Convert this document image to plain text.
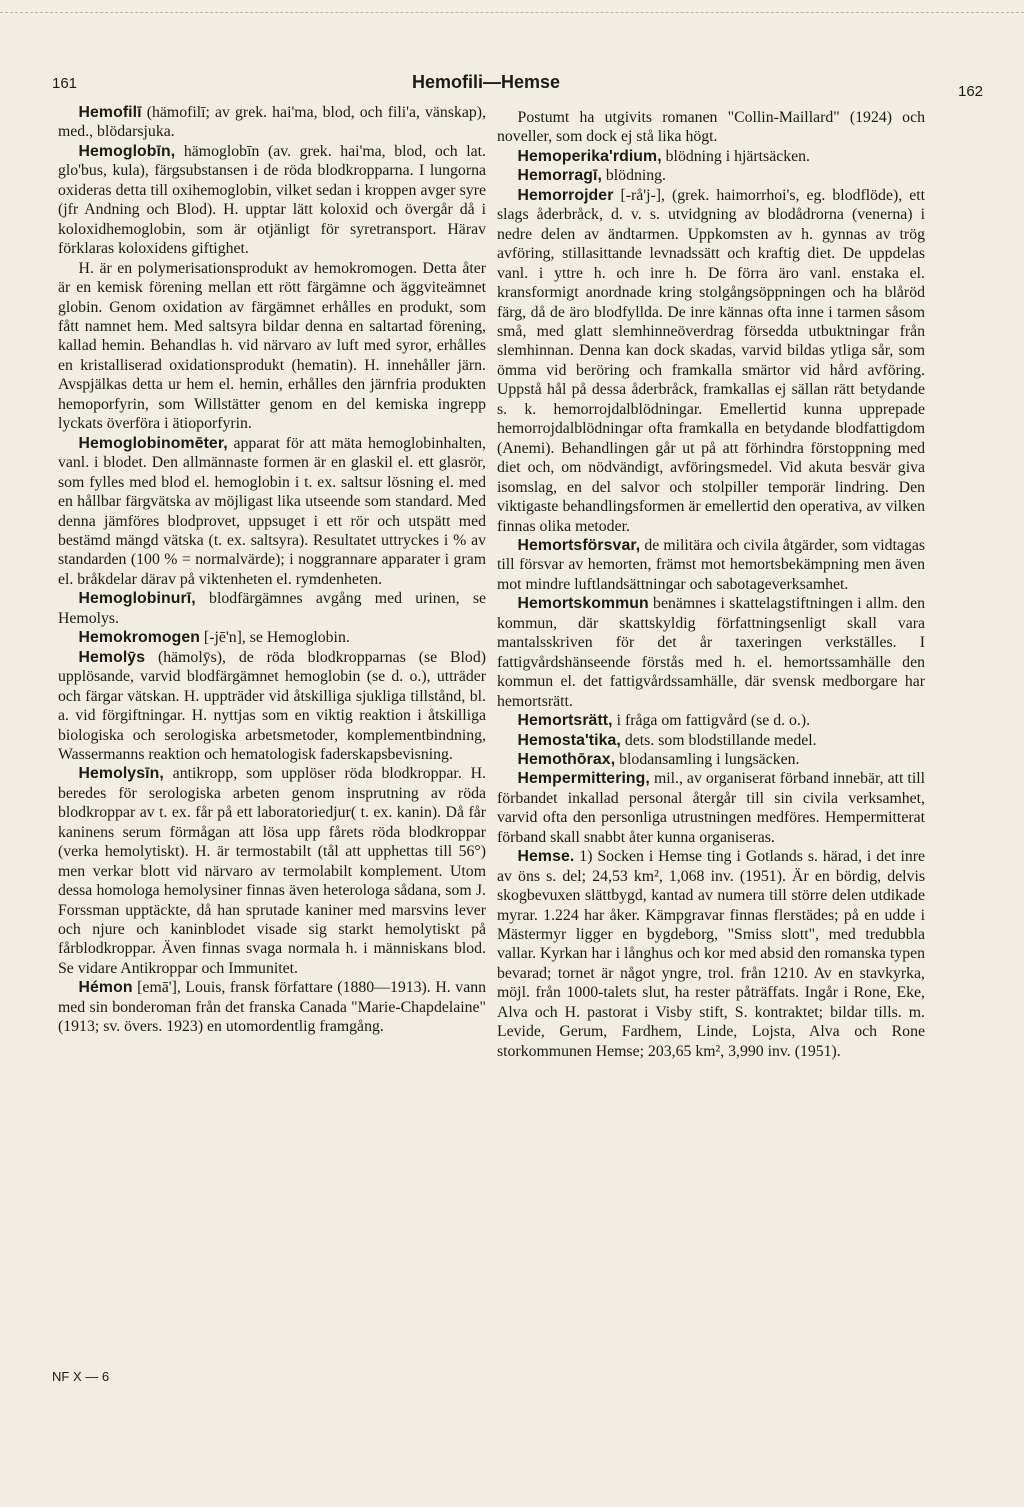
161	Hemofili—Hemse	162

Hemofilī (hämofilī; av grek. hai'ma, blod, och fili'a, vänskap), med., blödarsjuka.

Hemoglobīn, hämoglobīn (av. grek. hai'ma, blod, och lat. glo'bus, kula), färgsubstansen i de röda blodkropparna. I lungorna oxideras detta till oxihemoglobin, vilket sedan i kroppen avger syre (jfr Andning och Blod). H. upptar lätt koloxid och övergår då i koloxidhemoglobin, som är otjänligt för syretransport. Härav förklaras koloxidens giftighet.

H. är en polymerisationsprodukt av hemokromogen. Detta åter är en kemisk förening mellan ett rött färgämne och äggviteämnet globin. Genom oxidation av färgämnet erhålles en produkt, som fått namnet hem. Med saltsyra bildar denna en saltartad förening, kallad hemin. Behandlas h. vid närvaro av luft med syror, erhålles en kristalliserad oxidationsprodukt (hematin). H. innehåller järn. Avspjälkas detta ur hem el. hemin, erhålles den järnfria produkten hemoporfyrin, som Willstätter genom en del kemiska ingrepp lyckats överföra i ätioporfyrin.

Hemoglobinomēter, apparat för att mäta hemoglobinhalten, vanl. i blodet. Den allmännaste formen är en glaskil el. ett glasrör, som fylles med blod el. hemoglobin i t. ex. saltsur lösning el. med en hållbar färgvätska av möjligast lika utseende som standard. Med denna jämföres blodprovet, uppsuget i ett rör och utspätt med bestämd mängd vätska (t. ex. saltsyra). Resultatet uttryckes i % av standarden (100 % = normalvärde); i noggrannare apparater i gram el. bråkdelar därav på viktenheten el. rymdenheten.

Hemoglobinurī, blodfärgämnes avgång med urinen, se Hemolys.

Hemokromogen [-jē'n], se Hemoglobin.

Hemolȳs (hämolȳs), de röda blodkropparnas (se Blod) upplösande, varvid blodfärgämnet hemoglobin (se d. o.), utträder och färgar vätskan. H. uppträder vid åtskilliga sjukliga tillstånd, bl. a. vid förgiftningar. H. nyttjas som en viktig reaktion i åtskilliga biologiska och serologiska arbetsmetoder, komplementbindning, Wassermanns reaktion och hematologisk faderskapsbevisning.

Hemolysīn, antikropp, som upplöser röda blodkroppar. H. beredes för serologiska arbeten genom insprutning av röda blodkroppar av t. ex. får på ett laboratoriedjur( t. ex. kanin). Då får kaninens serum förmågan att lösa upp fårets röda blodkroppar (verka hemolytiskt). H. är termostabilt (tål att upphettas till 56°) men verkar blott vid närvaro av termolabilt komplement. Utom dessa homologa hemolysiner finnas även heterologa sådana, som J. Forssman upptäckte, då han sprutade kaniner med marsvins lever och njure och kaninblodet visade sig starkt hemolytiskt på fårblodkroppar. Även finnas svaga normala h. i människans blod. Se vidare Antikroppar och Immunitet.

Hémon [emā'], Louis, fransk författare (1880—1913). H. vann med sin bonderoman från det franska Canada "Marie-Chapdelaine" (1913; sv. övers. 1923) en utomordentlig framgång.

Postumt ha utgivits romanen "Collin-Maillard" (1924) och noveller, som dock ej stå lika högt.

Hemoperika'rdium, blödning i hjärtsäcken.

Hemorragī, blödning.

Hemorrojder [-rå'j-], (grek. haimorrhoi's, eg. blodflöde), ett slags åderbråck, d. v. s. utvidgning av blodådrorna (venerna) i nedre delen av ändtarmen. Uppkomsten av h. gynnas av trög avföring, stillasittande levnadssätt och kraftig diet. De uppdelas vanl. i yttre h. och inre h. De förra äro vanl. enstaka el. kransformigt anordnade kring stolgångsöppningen och ha blåröd färg, då de äro blodfyllda. De inre kännas ofta inne i tarmen såsom små, med glatt slemhinneöverdrag försedda utbuktningar från slemhinnan. Denna kan dock skadas, varvid bildas ytliga sår, som ömma vid beröring och framkalla smärtor vid hård avföring. Uppstå hål på dessa åderbråck, framkallas ej sällan rätt betydande s. k. hemorrojdalblödningar. Emellertid kunna upprepade hemorrojdalblödningar ofta framkalla en betydande blodfattigdom (Anemi). Behandlingen går ut på att förhindra förstoppning med diet och, om nödvändigt, avföringsmedel. Vid akuta besvär giva isomslag, en del salvor och stolpiller temporär lindring. Den viktigaste behandlingsformen är emellertid den operativa, av vilken finnas olika metoder.

Hemortsförsvar, de militära och civila åtgärder, som vidtagas till försvar av hemorten, främst mot hemortsbekämpning men även mot mindre luftlandsättningar och sabotageverksamhet.

Hemortskommun benämnes i skattelagstiftningen i allm. den kommun, där skattskyldig författningsenligt skall vara mantalsskriven för det år taxeringen verkställes. I fattigvårdshänseende förstås med h. el. hemortssamhälle den kommun el. det fattigvårdssamhälle, där svensk medborgare har hemortsrätt.

Hemortsrätt, i fråga om fattigvård (se d. o.).

Hemosta'tika, dets. som blodstillande medel.

Hemothōrax, blodansamling i lungsäcken.

Hempermittering, mil., av organiserat förband innebär, att till förbandet inkallad personal återgår till sin civila verksamhet, varvid ofta den personliga utrustningen medföres. Hempermitterat förband skall snabbt åter kunna organiseras.

Hemse. 1) Socken i Hemse ting i Gotlands s. härad, i det inre av öns s. del; 24,53 km², 1,068 inv. (1951). Är en bördig, delvis skogbevuxen slättbygd, kantad av numera till större delen utdikade myrar. 1.224 har åker. Kämpgravar finnas flerstädes; på en udde i Mästermyr ligger en bygdeborg, "Smiss slott", med tredubbla vallar. Kyrkan har i långhus och kor med absid den romanska typen bevarad; tornet är något yngre, trol. från 1210. Av en stavkyrka, möjl. från 1000-talets slut, ha rester påträffats. Ingår i Rone, Eke, Alva och H. pastorat i Visby stift, S. kontraktet; bildar tills. m. Levide, Gerum, Fardhem, Linde, Lojsta, Alva och Rone storkommunen Hemse; 203,65 km², 3,990 inv. (1951).

NF X — 6
